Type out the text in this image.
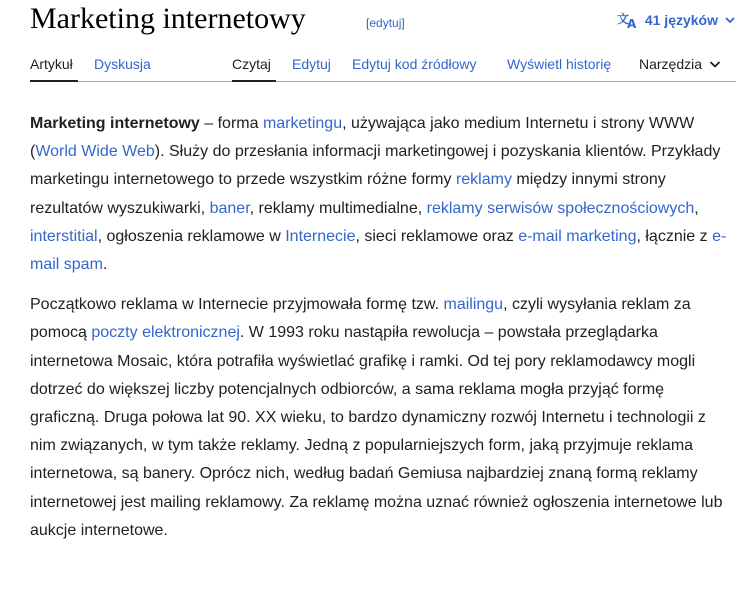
Marketing internetowy	[edytuj]	文
A 41 języków
Artykuł Dyskusja	Czytaj Edytuj Edytuj kod źródłowy Wyświetl historię Narzędzia

Marketing internetowy – forma marketingu, używająca jako medium Internetu i strony WWW (World Wide Web). Służy do przesłania informacji marketingowej i pozyskania klientów. Przykłady marketingu internetowego to przede wszystkim różne formy reklamy między innymi strony rezultatów wyszukiwarki, baner, reklamy multimedialne, reklamy serwisów społecznościowych, interstitial, ogłoszenia reklamowe w Internecie, sieci reklamowe oraz e-mail marketing, łącznie z e-mail spam.

Początkowo reklama w Internecie przyjmowała formę tzw. mailingu, czyli wysyłania reklam za pomocą poczty elektronicznej. W 1993 roku nastąpiła rewolucja – powstała przeglądarka internetowa Mosaic, która potrafiła wyświetlać grafikę i ramki. Od tej pory reklamodawcy mogli dotrzeć do większej liczby potencjalnych odbiorców, a sama reklama mogła przyjąć formę graficzną. Druga połowa lat 90. XX wieku, to bardzo dynamiczny rozwój Internetu i technologii z nim związanych, w tym także reklamy. Jedną z popularniejszych form, jaką przyjmuje reklama internetowa, są banery. Oprócz nich, według badań Gemiusa najbardziej znaną formą reklamy internetowej jest mailing reklamowy. Za reklamę można uznać również ogłoszenia internetowe lub aukcje internetowe.
